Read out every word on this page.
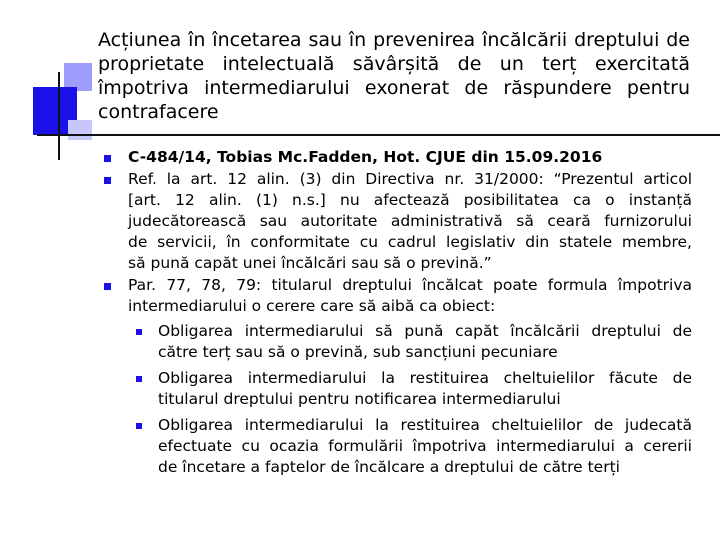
Acțiunea în încetarea sau în prevenirea încălcării dreptului de
proprietate intelectuală săvârșită de un terț exercitată
împotriva intermediarului exonerat de răspundere pentru
contrafacere
C-484/14, Tobias Mc.Fadden, Hot. CJUE din 15.09.2016
Ref. la art. 12 alin. (3) din Directiva nr. 31/2000: “Prezentul articol
[art. 12 alin. (1) n.s.] nu afectează posibilitatea ca o instanță
judecătorească sau autoritate administrativă să ceară furnizorului
de servicii, în conformitate cu cadrul legislativ din statele membre,
să pună capăt unei încălcări sau să o prevină.”
Par. 77, 78, 79: titularul dreptului încălcat poate formula împotriva
intermediarului o cerere care să aibă ca obiect:
Obligarea intermediarului să pună capăt încălcării dreptului de
către terț sau să o prevină, sub sancțiuni pecuniare
Obligarea intermediarului la restituirea cheltuielilor făcute de
titularul dreptului pentru notificarea intermediarului
Obligarea intermediarului la restituirea cheltuielilor de judecată
efectuate cu ocazia formulării împotriva intermediarului a cererii
de încetare a faptelor de încălcare a dreptului de către terți
